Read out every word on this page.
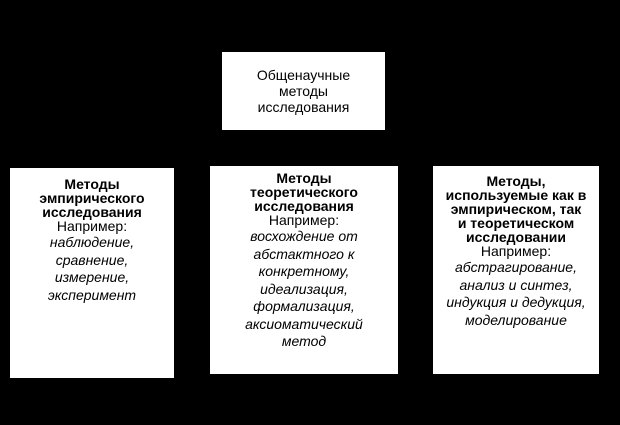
Общенаучные
методы
исследования
Методы
эмпирического
исследования
Например:
наблюдение,
сравнение,
измерение,
эксперимент
Методы
теоретического
исследования
Например:
восхождение от
абстактного к
конкретному,
идеализация,
формализация,
аксиоматический
метод
Методы,
используемые как в
эмпирическом, так
и теоретическом
исследовании
Например:
абстрагирование,
анализ и синтез,
индукция и дедукция,
моделирование
